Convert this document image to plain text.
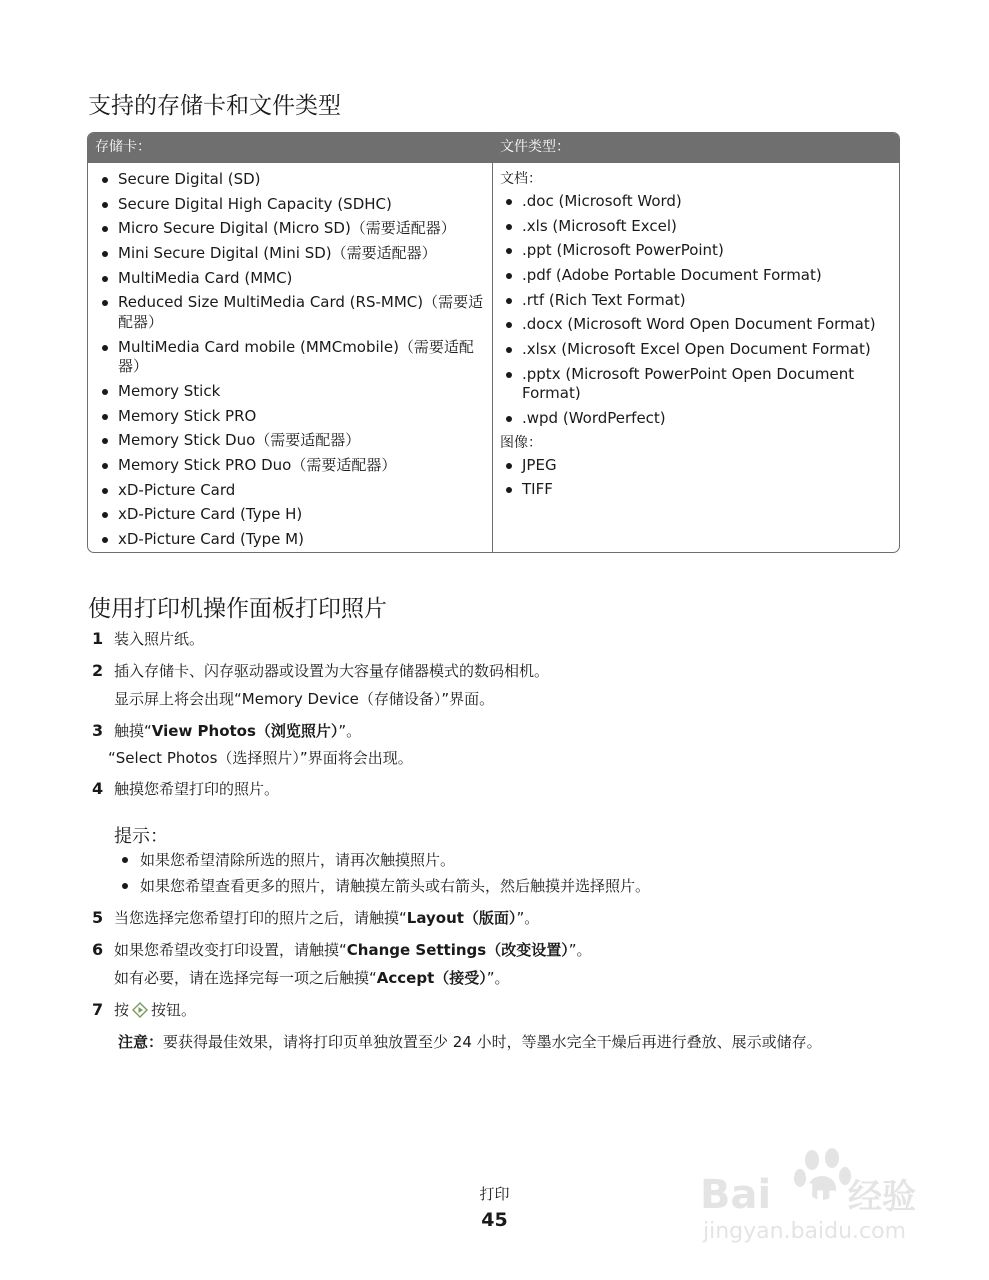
支持的存储卡和文件类型
存储卡：	文件类型：
Secure Digital (SD)
Secure Digital High Capacity (SDHC)
Micro Secure Digital (Micro SD)（需要适配器）
Mini Secure Digital (Mini SD)（需要适配器）
MultiMedia Card (MMC)
Reduced Size MultiMedia Card (RS-MMC)（需要适配器）
MultiMedia Card mobile (MMCmobile)（需要适配器）
Memory Stick
Memory Stick PRO
Memory Stick Duo（需要适配器）
Memory Stick PRO Duo（需要适配器）
xD-Picture Card
xD-Picture Card (Type H)
xD-Picture Card (Type M)
文档：
.doc (Microsoft Word)
.xls (Microsoft Excel)
.ppt (Microsoft PowerPoint)
.pdf (Adobe Portable Document Format)
.rtf (Rich Text Format)
.docx (Microsoft Word Open Document Format)
.xlsx (Microsoft Excel Open Document Format)
.pptx (Microsoft PowerPoint Open Document Format)
.wpd (WordPerfect)
图像：
JPEG
TIFF
使用打印机操作面板打印照片
1 装入照片纸。
2 插入存储卡、闪存驱动器或设置为大容量存储器模式的数码相机。
显示屏上将会出现“Memory Device（存储设备）”界面。
3 触摸“View Photos（浏览照片）”。
“Select Photos（选择照片）”界面将会出现。
4 触摸您希望打印的照片。
提示：
如果您希望清除所选的照片，请再次触摸照片。
如果您希望查看更多的照片，请触摸左箭头或右箭头，然后触摸并选择照片。
5 当您选择完您希望打印的照片之后，请触摸“Layout（版面）”。
6 如果您希望改变打印设置，请触摸“Change Settings（改变设置）”。
如有必要，请在选择完每一项之后触摸“Accept（接受）”。
7 按 按钮。
注意：要获得最佳效果，请将打印页单独放置至少 24 小时，等墨水完全干燥后再进行叠放、展示或储存。
打印
45
Bai du 经验
jingyan.baidu.com
